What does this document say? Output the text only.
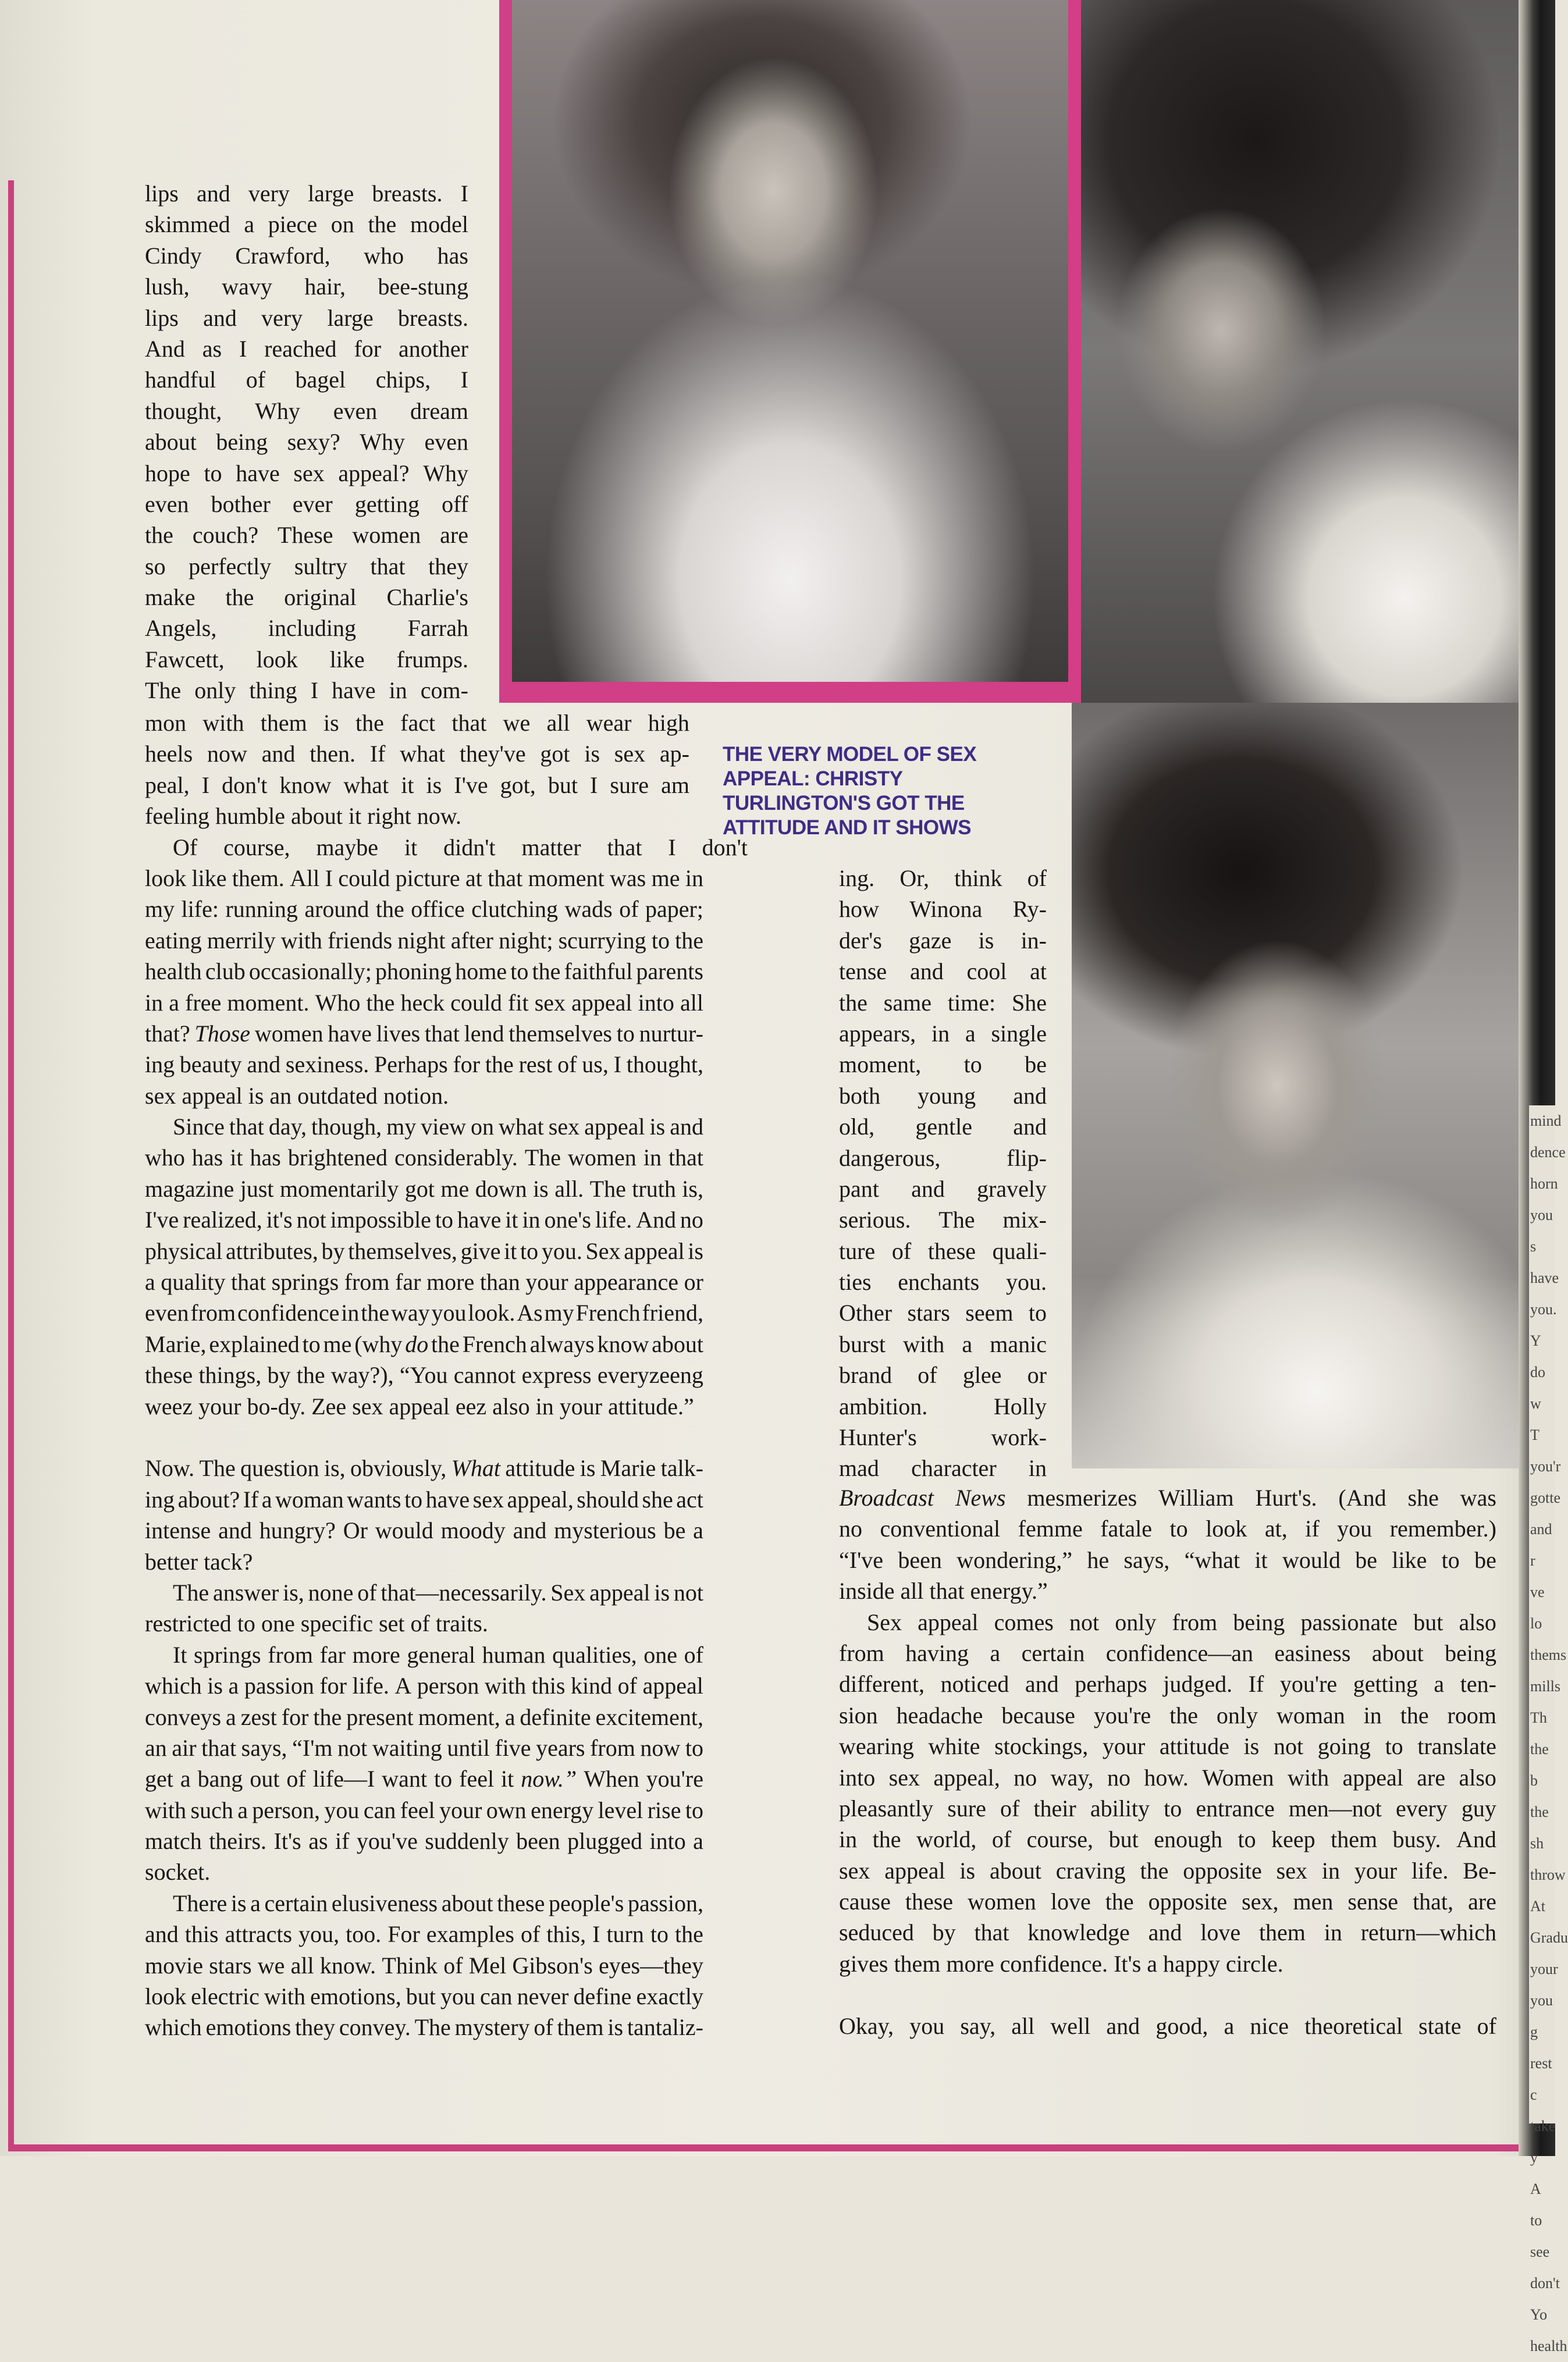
THE VERY MODEL OF SEX
APPEAL: CHRISTY
TURLINGTON'S GOT THE
ATTITUDE AND IT SHOWS
lips and very large breasts. I
skimmed a piece on the model
Cindy Crawford, who has
lush, wavy hair, bee-stung
lips and very large breasts.
And as I reached for another
handful of bagel chips, I
thought, Why even dream
about being sexy? Why even
hope to have sex appeal? Why
even bother ever getting off
the couch? These women are
so perfectly sultry that they
make the original Charlie's
Angels, including Farrah
Fawcett, look like frumps.
The only thing I have in com-
mon with them is the fact that we all wear high
heels now and then. If what they've got is sex ap-
peal, I don't know what it is I've got, but I sure am
feeling humble about it right now.
Of course, maybe it didn't matter that I don't
look like them. All I could picture at that moment was me in
my life: running around the office clutching wads of paper;
eating merrily with friends night after night; scurrying to the
health club occasionally; phoning home to the faithful parents
in a free moment. Who the heck could fit sex appeal into all
that? Those women have lives that lend themselves to nurtur-
ing beauty and sexiness. Perhaps for the rest of us, I thought,
sex appeal is an outdated notion.
Since that day, though, my view on what sex appeal is and
who has it has brightened considerably. The women in that
magazine just momentarily got me down is all. The truth is,
I've realized, it's not impossible to have it in one's life. And no
physical attributes, by themselves, give it to you. Sex appeal is
a quality that springs from far more than your appearance or
even from confidence in the way you look. As my French friend,
Marie, explained to me (why do the French always know about
these things, by the way?), “You cannot express everyzeeng
weez your bo-dy. Zee sex appeal eez also in your attitude.”
Now. The question is, obviously, What attitude is Marie talk-
ing about? If a woman wants to have sex appeal, should she act
intense and hungry? Or would moody and mysterious be a
better tack?
The answer is, none of that—necessarily. Sex appeal is not
restricted to one specific set of traits.
It springs from far more general human qualities, one of
which is a passion for life. A person with this kind of appeal
conveys a zest for the present moment, a definite excitement,
an air that says, “I'm not waiting until five years from now to
get a bang out of life—I want to feel it now.” When you're
with such a person, you can feel your own energy level rise to
match theirs. It's as if you've suddenly been plugged into a
socket.
There is a certain elusiveness about these people's passion,
and this attracts you, too. For examples of this, I turn to the
movie stars we all know. Think of Mel Gibson's eyes—they
look electric with emotions, but you can never define exactly
which emotions they convey. The mystery of them is tantaliz-
ing. Or, think of
how Winona Ry-
der's gaze is in-
tense and cool at
the same time: She
appears, in a single
moment, to be
both young and
old, gentle and
dangerous,	flip-
pant and gravely
serious. The mix-
ture of these quali-
ties enchants you.
Other stars seem to
burst with a manic
brand of glee or
ambition.	Holly
Hunter's	work-
mad character in
Broadcast News mesmerizes William Hurt's. (And she was
no conventional femme fatale to look at, if you remember.)
“I've been wondering,” he says, “what it would be like to be
inside all that energy.”
Sex appeal comes not only from being passionate but also
from having a certain confidence—an easiness about being
different, noticed and perhaps judged. If you're getting a ten-
sion headache because you're the only woman in the room
wearing white stockings, your attitude is not going to translate
into sex appeal, no way, no how. Women with appeal are also
pleasantly sure of their ability to entrance men—not every guy
in the world, of course, but enough to keep them busy. And
sex appeal is about craving the opposite sex in your life. Be-
cause these women love the opposite sex, men sense that, are
seduced by that knowledge and love them in return—which
gives them more confidence. It's a happy circle.
Okay, you say, all well and good, a nice theoretical state of
mind
dence
horn
you s
have
you.
Y
do w
T
you'r
gotte
and r
ve lo
thems
mills
Th
the b
the sh
throw
At
Gradu
your
you g
rest c
take y
A
to see
don't
Yo
health
